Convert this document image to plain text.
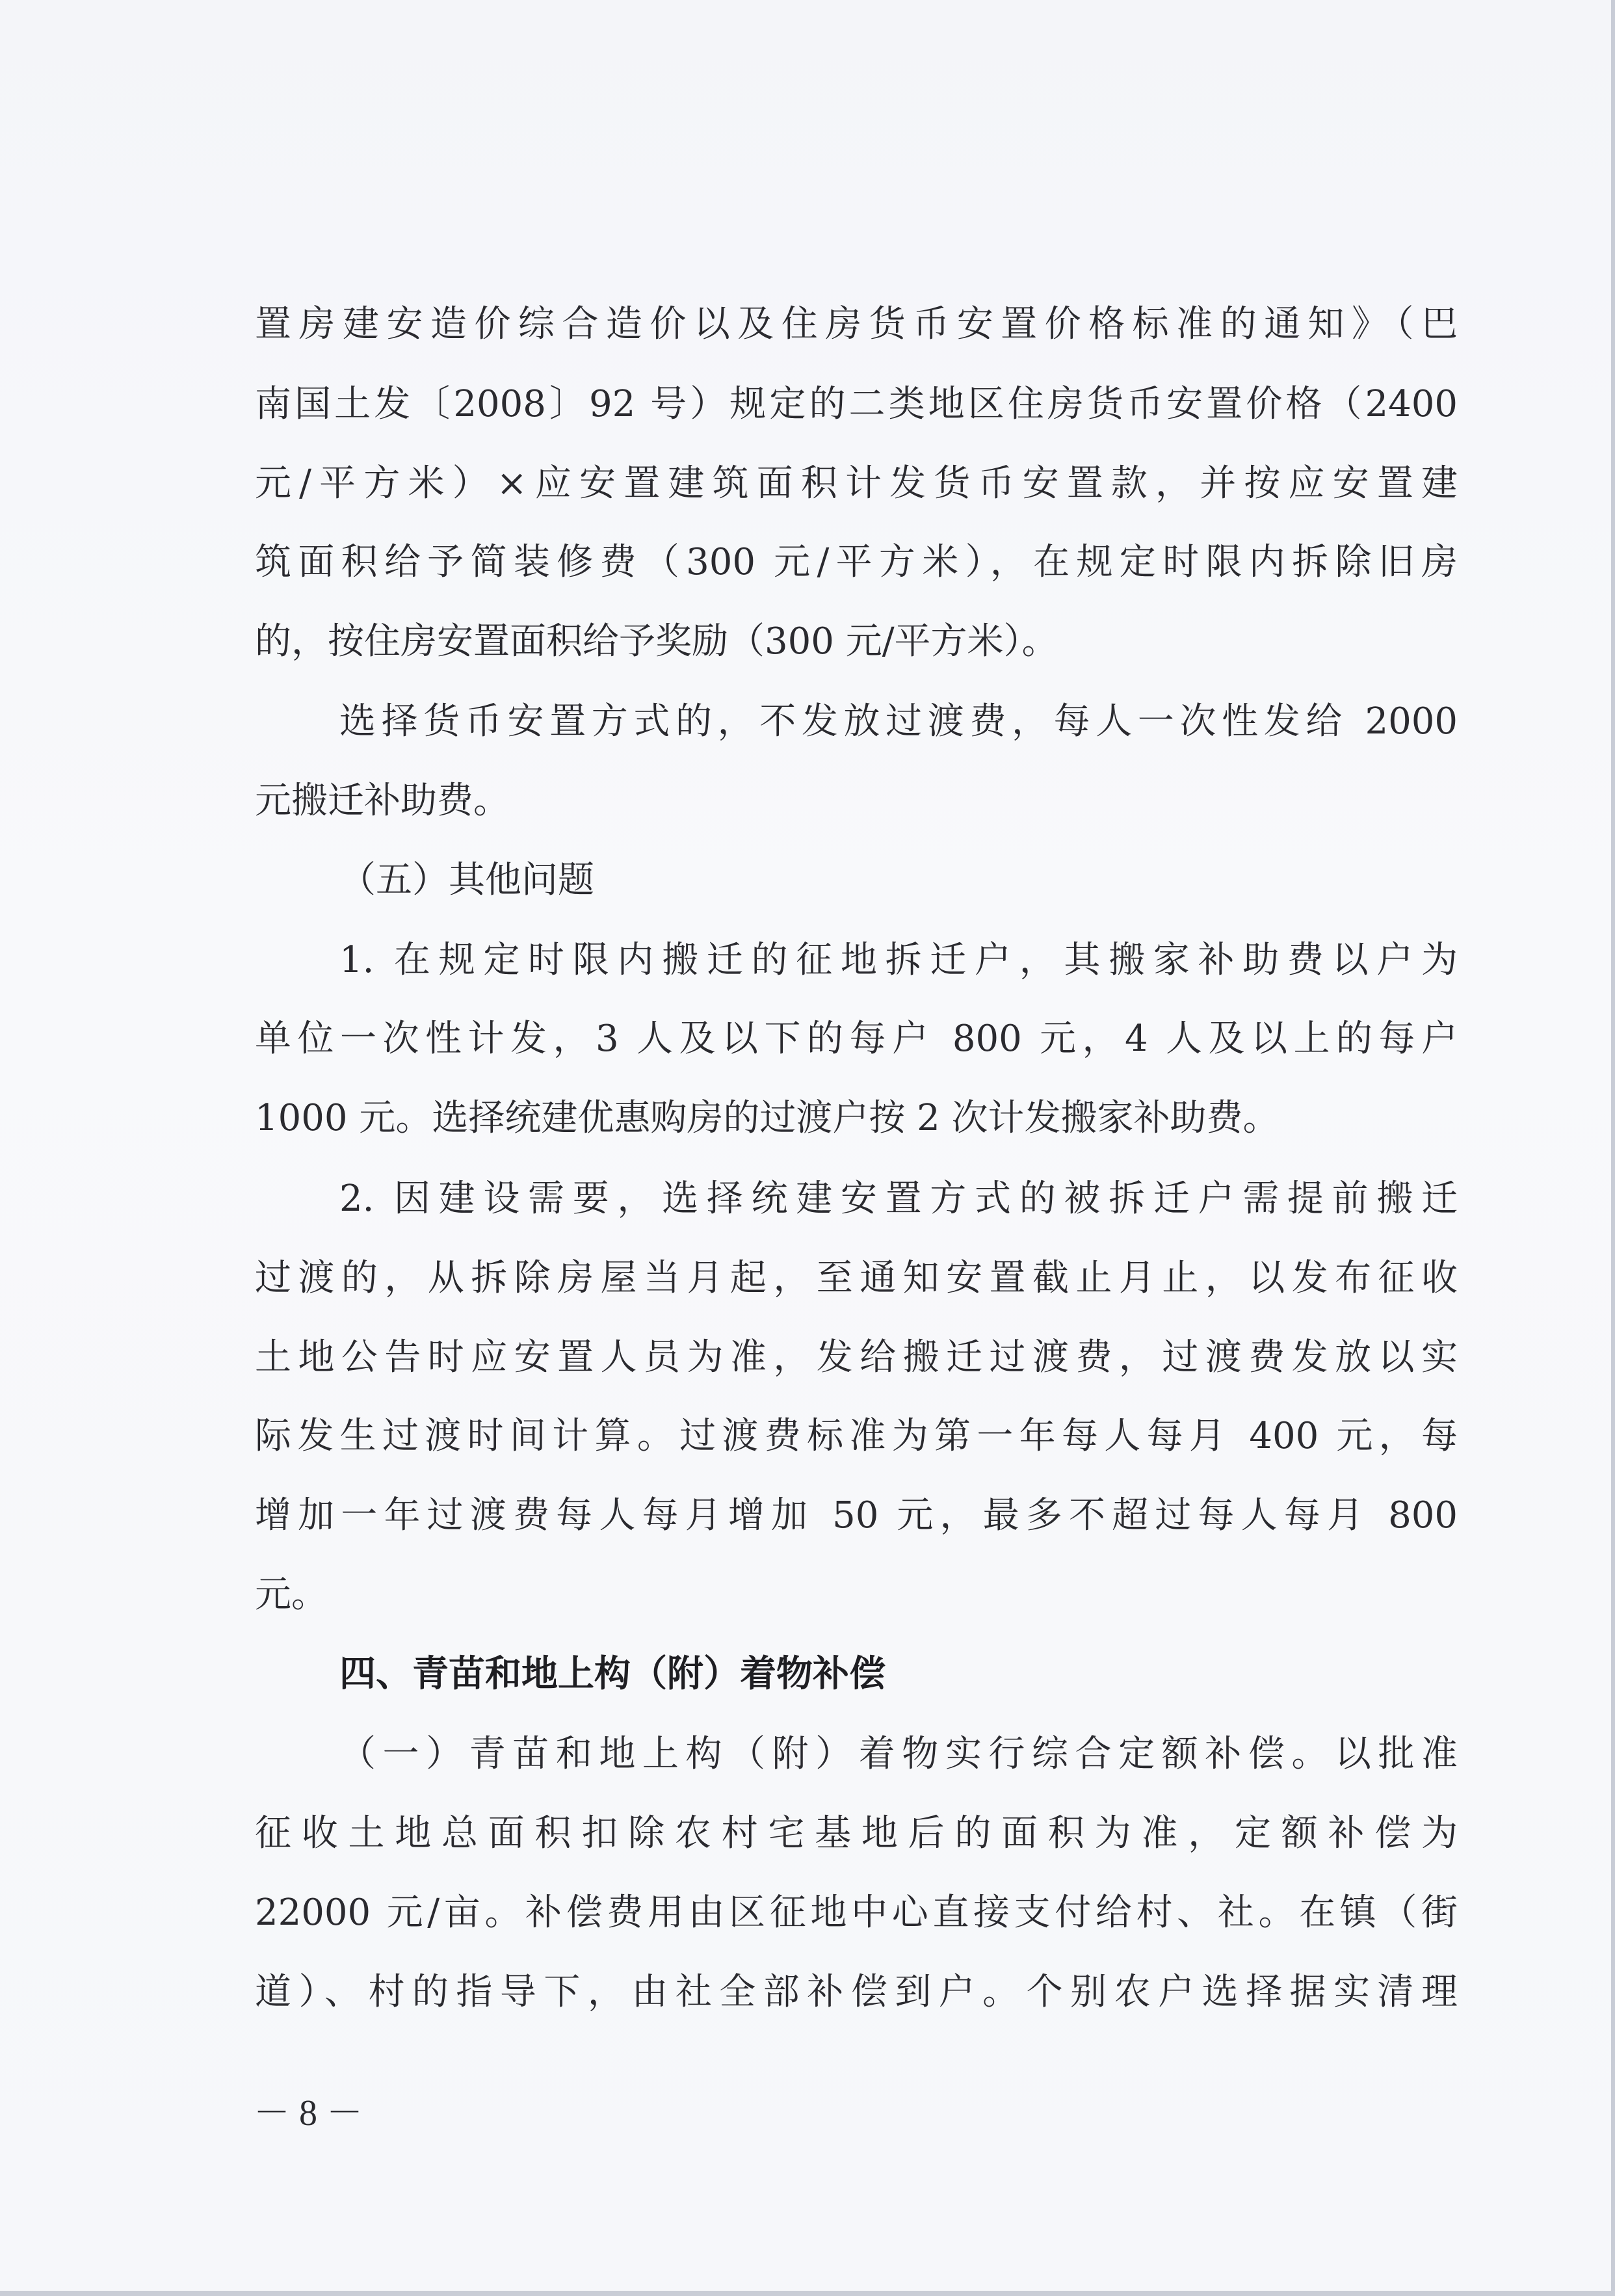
置房建安造价综合造价以及住房货币安置价格标准的通知》（巴
南国土发〔2008〕92 号）规定的二类地区住房货币安置价格（2400
元/平方米）×应安置建筑面积计发货币安置款，并按应安置建
筑面积给予简装修费（300 元/平方米），在规定时限内拆除旧房
的，按住房安置面积给予奖励（300 元/平方米）。
选择货币安置方式的，不发放过渡费，每人一次性发给 2000
元搬迁补助费。
（五）其他问题
1. 在规定时限内搬迁的征地拆迁户，其搬家补助费以户为
单位一次性计发，3 人及以下的每户 800 元，4 人及以上的每户
1000 元。选择统建优惠购房的过渡户按 2 次计发搬家补助费。
2. 因建设需要，选择统建安置方式的被拆迁户需提前搬迁
过渡的，从拆除房屋当月起，至通知安置截止月止，以发布征收
土地公告时应安置人员为准，发给搬迁过渡费，过渡费发放以实
际发生过渡时间计算。过渡费标准为第一年每人每月 400 元，每
增加一年过渡费每人每月增加 50 元，最多不超过每人每月 800
元。
四、青苗和地上构（附）着物补偿
（一）青苗和地上构（附）着物实行综合定额补偿。以批准
征收土地总面积扣除农村宅基地后的面积为准，定额补偿为
22000 元/亩。补偿费用由区征地中心直接支付给村、社。在镇（街
道）、村的指导下，由社全部补偿到户。个别农户选择据实清理
－ 8 －
